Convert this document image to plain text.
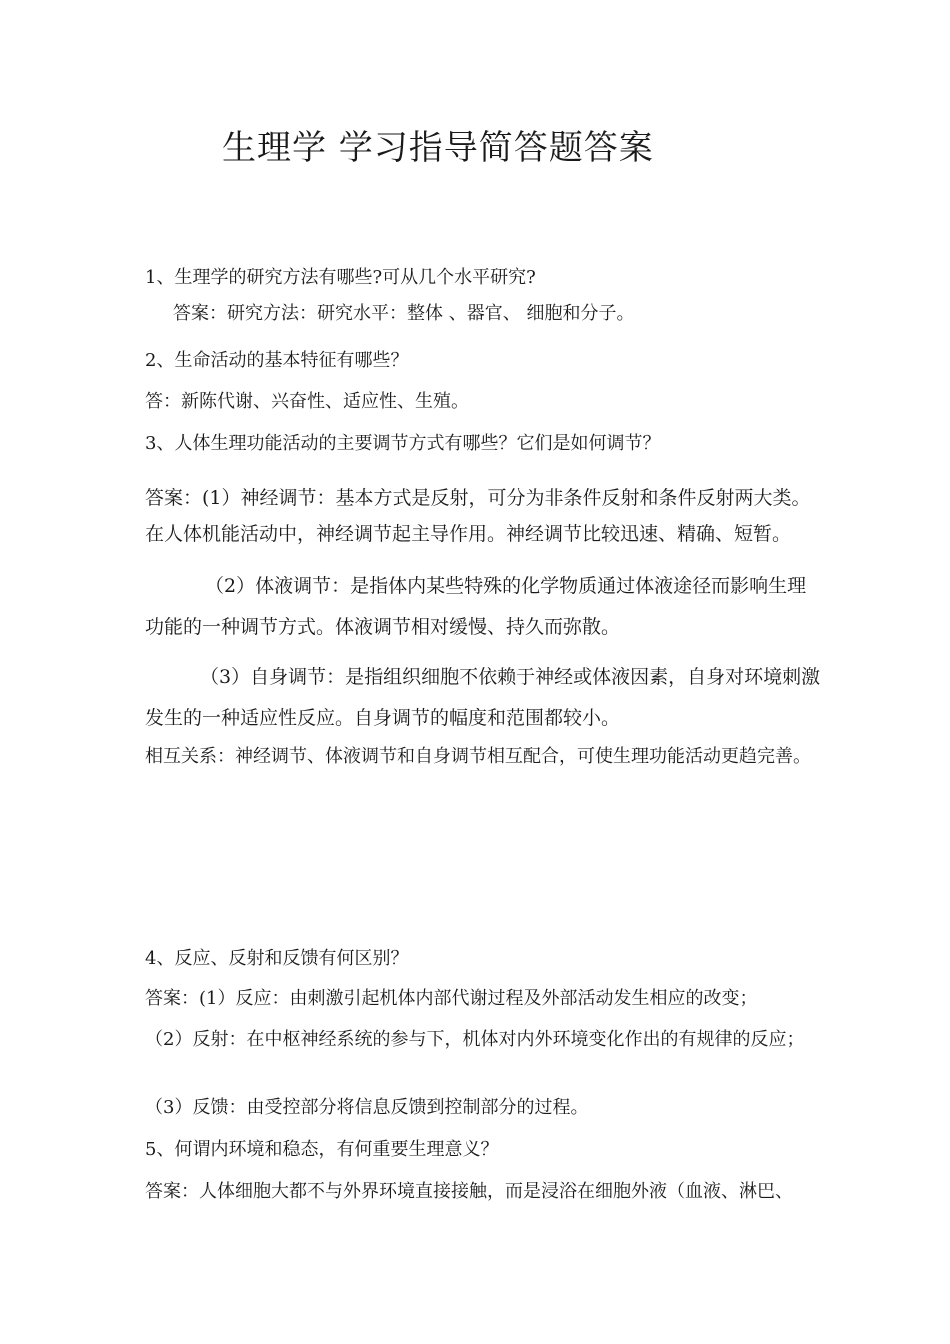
生理学 学习指导简答题答案
1、生理学的研究方法有哪些?可从几个水平研究?
答案：研究方法：研究水平：整体 、器官、 细胞和分子。
2、生命活动的基本特征有哪些？
答：新陈代谢、兴奋性、适应性、生殖。
3、人体生理功能活动的主要调节方式有哪些？它们是如何调节？
答案：(1）神经调节：基本方式是反射，可分为非条件反射和条件反射两大类。
在人体机能活动中，神经调节起主导作用。神经调节比较迅速、精确、短暂。
（2）体液调节：是指体内某些特殊的化学物质通过体液途径而影响生理
功能的一种调节方式。体液调节相对缓慢、持久而弥散。
（3）自身调节：是指组织细胞不依赖于神经或体液因素，自身对环境刺激
发生的一种适应性反应。自身调节的幅度和范围都较小。
相互关系：神经调节、体液调节和自身调节相互配合，可使生理功能活动更趋完善。
4、反应、反射和反馈有何区别？
答案：(1）反应：由刺激引起机体内部代谢过程及外部活动发生相应的改变；
（2）反射：在中枢神经系统的参与下，机体对内外环境变化作出的有规律的反应；
（3）反馈：由受控部分将信息反馈到控制部分的过程。
5、何谓内环境和稳态，有何重要生理意义？
答案：人体细胞大都不与外界环境直接接触，而是浸浴在细胞外液（血液、淋巴、
